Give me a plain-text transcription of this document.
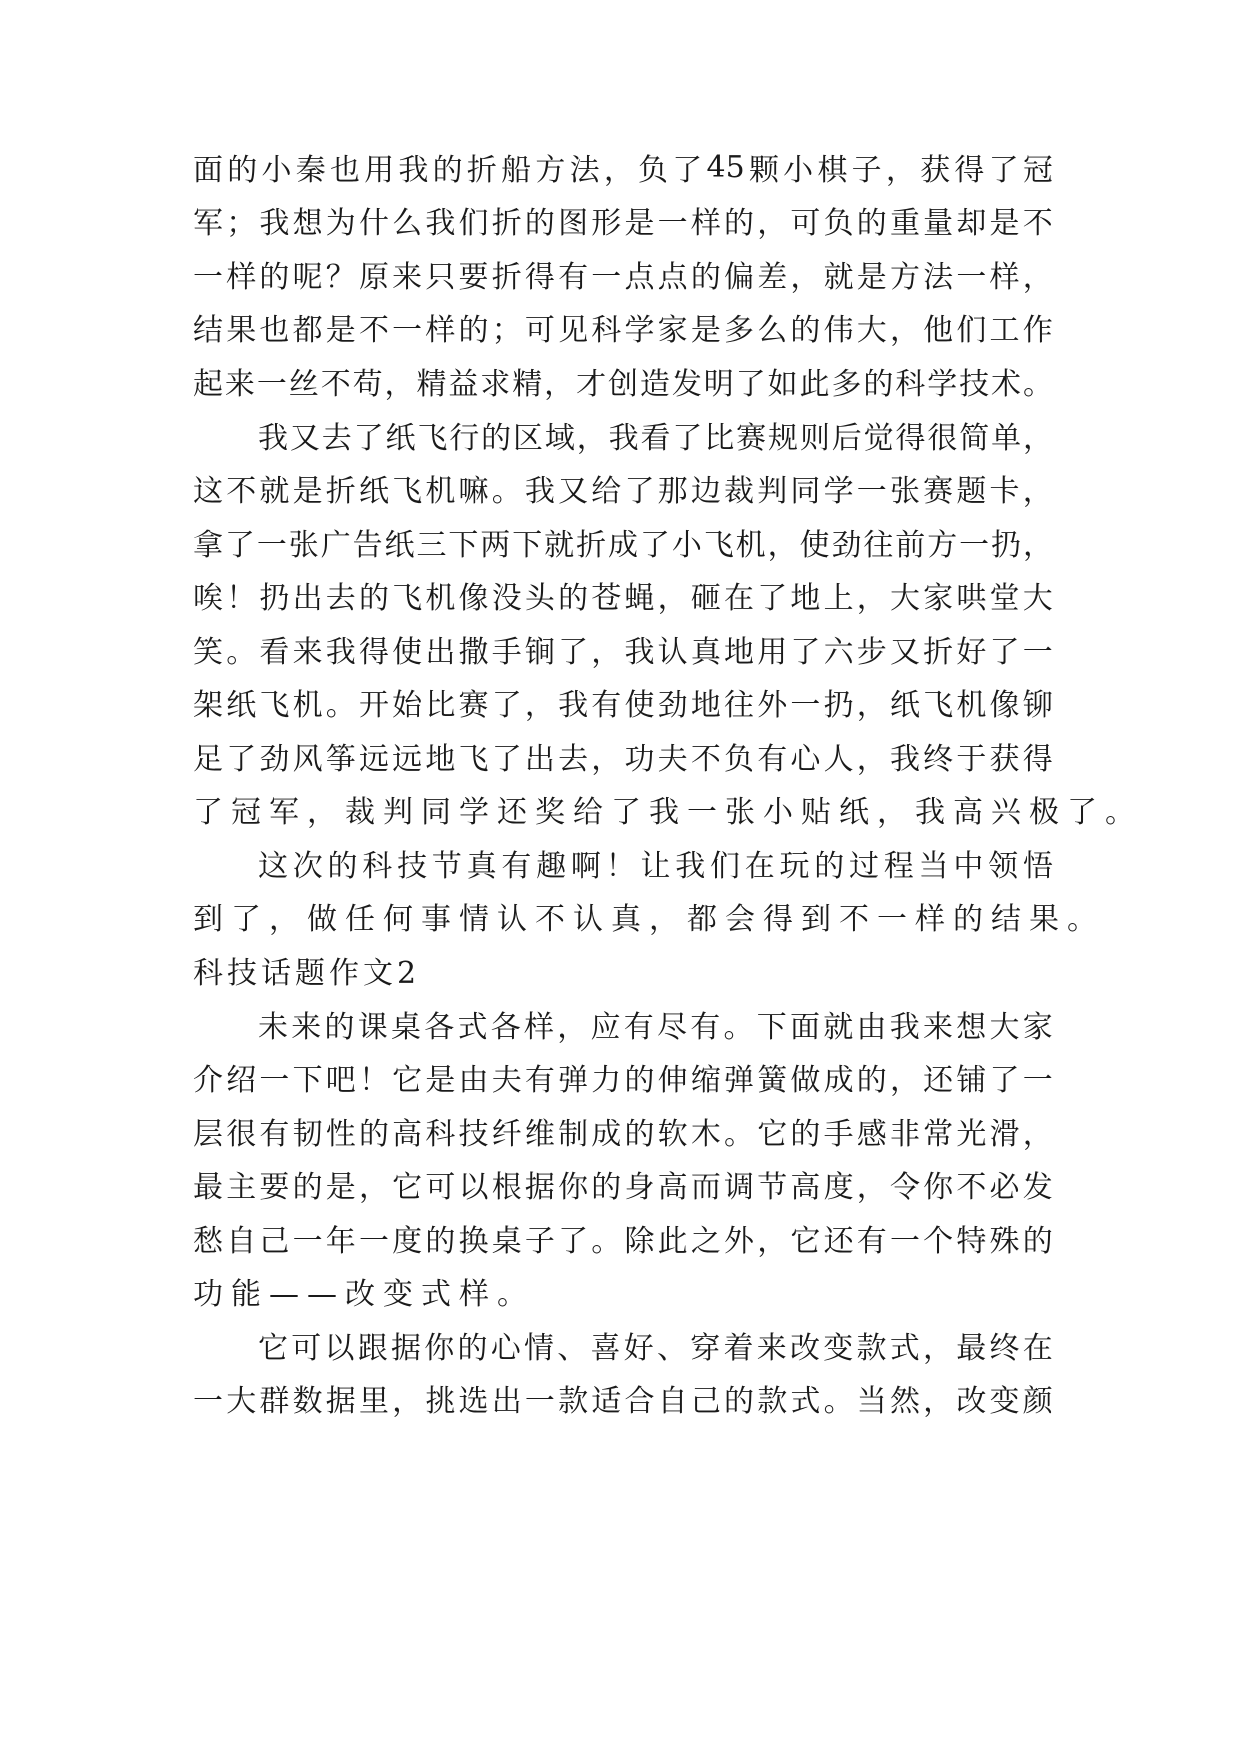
面 的 小 秦 也 用 我 的 折 船 方 法 ， 负 了 45 颗 小 棋 子 ， 获 得 了 冠
军 ； 我 想 为 什 么 我 们 折 的 图 形 是 一 样 的 ， 可 负 的 重 量 却 是 不
一 样 的 呢 ？ 原 来 只 要 折 得 有 一 点 点 的 偏 差 ， 就 是 方 法 一 样 ，
结 果 也 都 是 不 一 样 的 ； 可 见 科 学 家 是 多 么 的 伟 大 ， 他 们 工 作
起 来 一 丝 不 苟 ， 精 益 求 精 ， 才 创 造 发 明 了 如 此 多 的 科 学 技 术 。
我 又 去 了 纸 飞 行 的 区 域 ， 我 看 了 比 赛 规 则 后 觉 得 很 简 单 ，
这 不 就 是 折 纸 飞 机 嘛 。 我 又 给 了 那 边 裁 判 同 学 一 张 赛 题 卡 ，
拿 了 一 张 广 告 纸 三 下 两 下 就 折 成 了 小 飞 机 ， 使 劲 往 前 方 一 扔 ，
唉 ！ 扔 出 去 的 飞 机 像 没 头 的 苍 蝇 ， 砸 在 了 地 上 ， 大 家 哄 堂 大
笑 。 看 来 我 得 使 出 撒 手 锏 了 ， 我 认 真 地 用 了 六 步 又 折 好 了 一
架 纸 飞 机 。 开 始 比 赛 了 ， 我 有 使 劲 地 往 外 一 扔 ， 纸 飞 机 像 铆
足 了 劲 风 筝 远 远 地 飞 了 出 去 ， 功 夫 不 负 有 心 人 ， 我 终 于 获 得
了冠军，裁判同学还奖给了我一张小贴纸，我高兴极了。
这 次 的 科 技 节 真 有 趣 啊 ！ 让 我 们 在 玩 的 过 程 当 中 领 悟
到了，做任何事情认不认真，都会得到不一样的结果。
科技话题作文2
未 来 的 课 桌 各 式 各 样 ， 应 有 尽 有 。 下 面 就 由 我 来 想 大 家
介 绍 一 下 吧 ！ 它 是 由 夫 有 弹 力 的 伸 缩 弹 簧 做 成 的 ， 还 铺 了 一
层 很 有 韧 性 的 高 科 技 纤 维 制 成 的 软 木 。 它 的 手 感 非 常 光 滑 ，
最 主 要 的 是 ， 它 可 以 根 据 你 的 身 高 而 调 节 高 度 ， 令 你 不 必 发
愁 自 己 一 年 一 度 的 换 桌 子 了 。 除 此 之 外 ， 它 还 有 一 个 特 殊 的
功能——改变式样。
它 可 以 跟 据 你 的 心 情 、 喜 好 、 穿 着 来 改 变 款 式 ， 最 终 在
一 大 群 数 据 里 ， 挑 选 出 一 款 适 合 自 己 的 款 式 。 当 然 ， 改 变 颜
